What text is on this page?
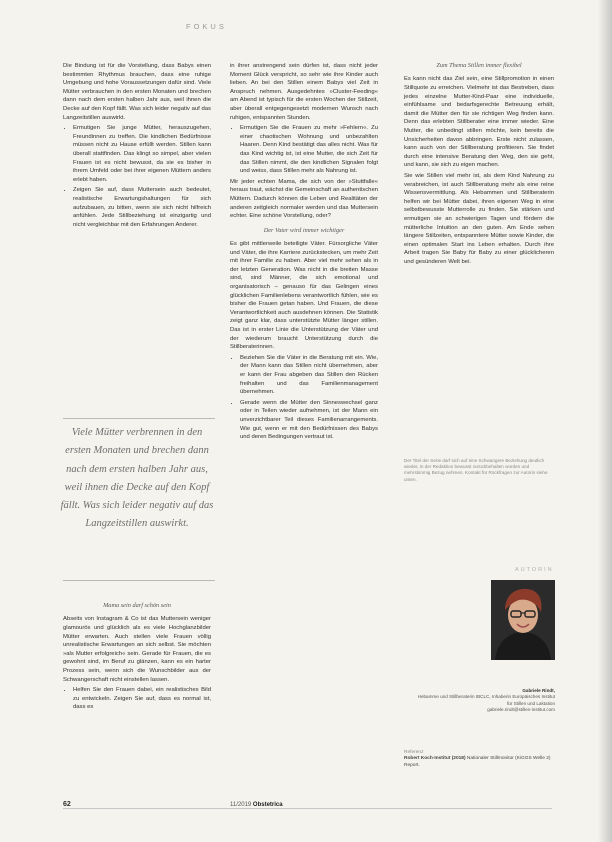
FOKUS

Die Bindung ist für die Vorstellung, dass Babys einen bestimmten Rhythmus brauchen, dass eine ruhige Umgebung und hohe Voraussetzungen dafür sind. Viele Mütter verbrauchen in den ersten Monaten und brechen dann nach dem ersten halben Jahr aus, weil ihnen die Decke auf den Kopf fällt. Was sich leider negativ auf das Langzeitstillen auswirkt.

• Ermutigen Sie junge Mütter, herauszugehen, Freundinnen zu treffen. Die kindlichen Bedürfnisse müssen nicht zu Hause erfüllt werden. Stillen kann überall stattfinden. Das klingt so simpel, aber vielen Frauen ist es nicht bewusst, da sie es bisher in ihrem Umfeld oder bei ihrer eigenen Müttern anders erlebt haben.
• Zeigen Sie auf, dass Muttersein auch bedeutet, realistische Erwartungshaltungen für sich aufzubauen, zu bitten, wenn sie sich nicht hilfreich anfühlen. Jede Stillbeziehung ist einzigartig und nicht vergleichbar mit den Erfahrungen Anderer.
Viele Mütter verbrennen in den ersten Monaten und brechen dann nach dem ersten halben Jahr aus, weil ihnen die Decke auf den Kopf fällt. Was sich leider negativ auf das Langzeitstillen auswirkt.
Mama sein darf schön sein

Abseits von Instagram & Co ist das Muttersein weniger glamourös und glücklich als es viele Hochglanzbilder Mütter erwarten. Auch stellen viele Frauen völlig unrealistische Erwartungen an sich selbst. Sie möchten »als Mutter erfolgreich« sein. Gerade für Frauen, die es gewohnt sind, im Beruf zu glänzen, kann es ein harter Prozess sein, wenn sich die Wunschbilder aus der Schwangerschaft nicht einstellen lassen.

• Helfen Sie den Frauen dabei, ein realistisches Bild zu entwickeln. Zeigen Sie auf, dass es normal ist, dass es

in ihrer anstrengend sein dürfen ist, dass nicht jeder Moment Glück verspricht, so sehr wie ihre Kinder auch lieben. An bei den Stillen einem Babys viel Zeit in Anspruch nehmen. Ausgedehntes »Cluster-Feeding« am Abend ist typisch für die ersten Wochen der Stillzeit, aber überall entgegengesetzt modernen Wunsch nach ruhigen, entspannten Stunden.

• Ermutigen Sie die Frauen zu mehr »Fehlern«. Zu einer chaotischen Wohnung und unbezahlten Haaren. Denn Kind bestätigt das alles nicht. Was für das Kind wichtig ist, ist eine Mutter, die sich Zeit für das Stillen nimmt, die den kindlichen Signalen folgt und weiss, dass Stillen mehr als Nahrung ist.

Mir jeder echten Mama, die sich von der »Stuttfalle« heraus traut, wächst die Gemeinschaft an authentischen Müttern. Dadurch können die Leben und Realitäten der anderen zeitgleich normaler werden und das Muttersein echter. Eine schöne Vorstellung, oder?

Der Vater wird immer wichtiger

Es gibt mittlerweile beteiligte Väter. Fürsorgliche Väter und Väter, die ihre Karriere zurückstecken, um mehr Zeit mit ihrer Familie zu haben. Aber viel mehr sehen als in der letzten Generation. Was nicht in die breiten Masse sind, sind Männer, die sich emotional und organisatorisch – genauso für das Gelingen eines glücklichen Familienlebens verantwortlich fühlen, wie es bisher die Frauen getan haben. Und Frauen, die diese Verantwortlichkeit auch ausdehnen können. Die Statistik zeigt ganz klar, dass unterstützte Mütter länger stillen. Das ist in erster Linie die Unterstützung der Väter und der wiederum braucht Unterstützung durch die Stillberaterinnen.

• Beziehen Sie die Väter in die Beratung mit ein. Wie, der Mann kann das Stillen nicht übernehmen, aber er kann der Frau abgeben das Stillen den Rücken freihalten und das Familienmanagement übernehmen.
• Gerade wenn die Mütter den Sinneswechsel ganz oder in Teilen wieder aufnehmen, ist der Mann ein unverzichtbarer Teil dieses Familienarrangements. Wie gut, wenn er mit den Bedürfnissen des Babys und deren Bedingungen vertraut ist.
Zum Thema Stillen immer flexibel

Es kann nicht das Ziel sein, eine Stillpromotion in einen Stillquote zu erreichen. Vielmehr ist das Bestreben, dass jedes einzelne Mutter-Kind-Paar eine individuelle, einfühlsame und bedarfsgerechte Betreuung erhält, damit die Mütter den für sie richtigen Weg finden kann. Denn das erlebten Stillberater eine immer wieder. Eine Mutter, die unbedingt stillen möchte, kein bereits die Unsicherheiten davon abbringen. Erste nicht zulassen, kann auch von der Stillberatung profitieren. Sie findet durch eine intensive Beratung den Weg, den sie geht, und kann, sie sich zu eigen machen.

Sie wie Stillen viel mehr ist, als dem Kind Nahrung zu verabreichen, ist auch Stillberatung mehr als eine reine Wissensvermittlung. Als Hebammen und Stillberaterin helfen wir bei Mütter dabei, ihren eigenen Weg in eine selbstbewusste Mutterrolle zu finden. Sie stärken und ermutigen sie an schwierigen Tagen und fördern die mütterliche Intuition an den guten. Am Ende sehen längere Stillzeiten, entspanntere Mütter sowie Kinder, die einen optimalen Start ins Leben erhalten. Durch ihre Arbeit tragen Sie Baby für Baby zu einer glücklicheren und gesünderen Welt bei.

Der Titel der Serie darf sich auf eine Schwangere Beziehung deutlich wieder, in der Redaktion bewusst zurückbehalten worden und mehrstimmig Bezug nehmen. Kontakt für Rückfragen zur Autorin siehe unten.
AUTORIN
Gabriele Rindt,
Hebamme und Stillberaterin IBCLC, Inhaberin Europäisches Institut für Stillen und Laktation
gabriele.rindt@stillen-institut.com
Referenz
Robert Koch-Institut (2018) Nationaler Stillmonitor (KiGGS Welle 2) Report.
62	11/2019 Obstetrica
